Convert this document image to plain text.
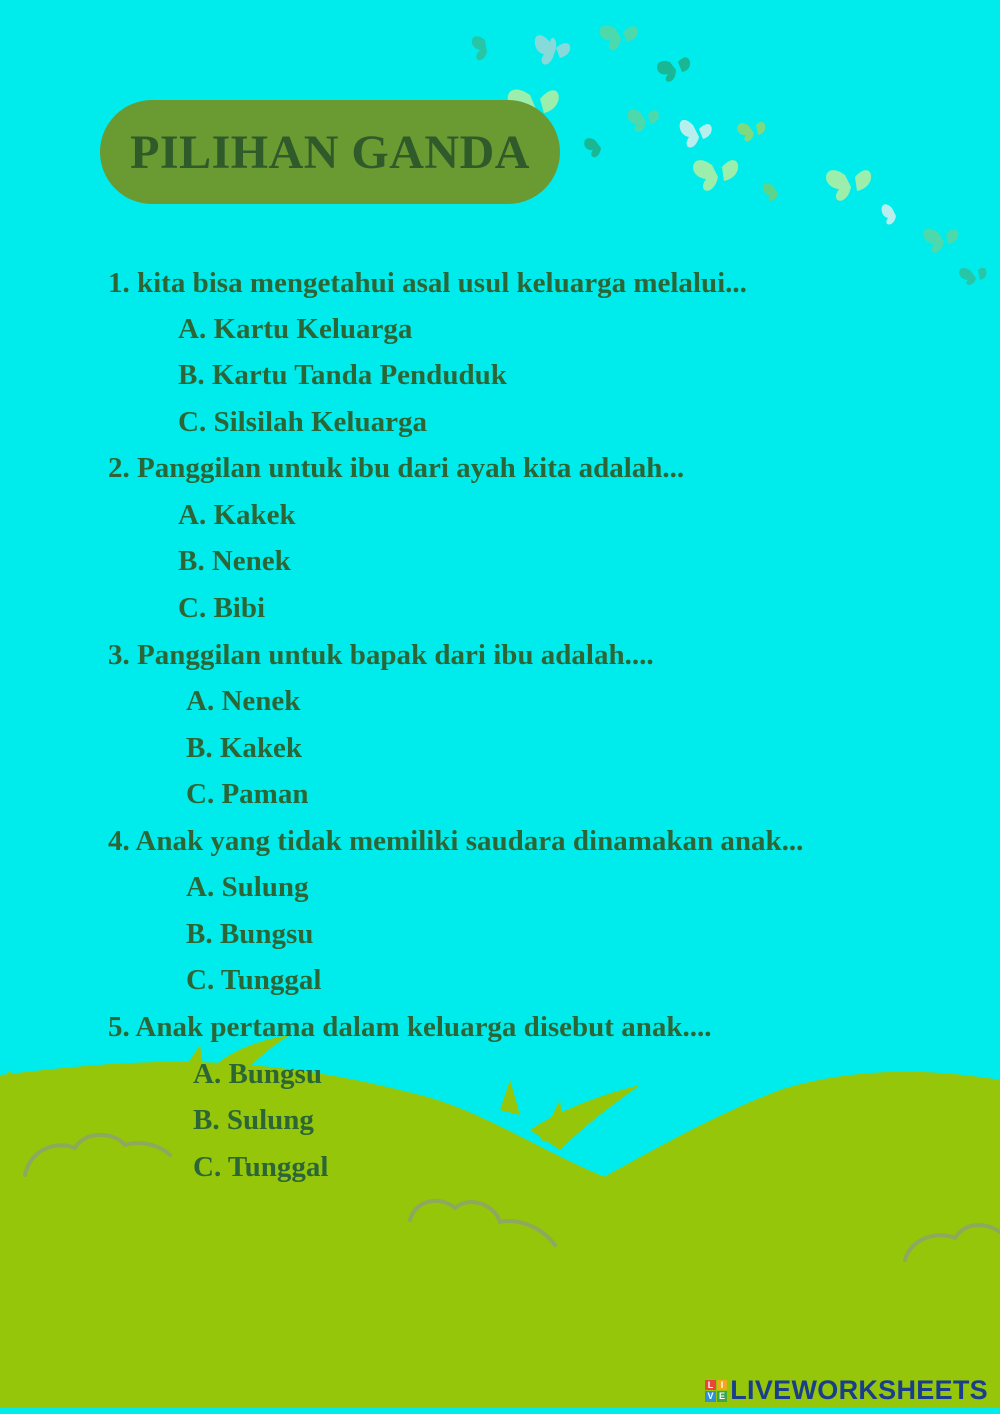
PILIHAN GANDA
1. kita bisa mengetahui asal usul keluarga melalui...
A. Kartu Keluarga
B. Kartu Tanda Penduduk
C. Silsilah Keluarga
2. Panggilan untuk ibu dari ayah kita adalah...
A. Kakek
B. Nenek
C. Bibi
3. Panggilan untuk bapak dari ibu adalah....
A. Nenek
B. Kakek
C. Paman
4. Anak yang tidak memiliki saudara dinamakan anak...
A. Sulung
B. Bungsu
C. Tunggal
5. Anak pertama dalam keluarga disebut anak....
A. Bungsu
B. Sulung
C. Tunggal
L I
V E LIVEWORKSHEETS
